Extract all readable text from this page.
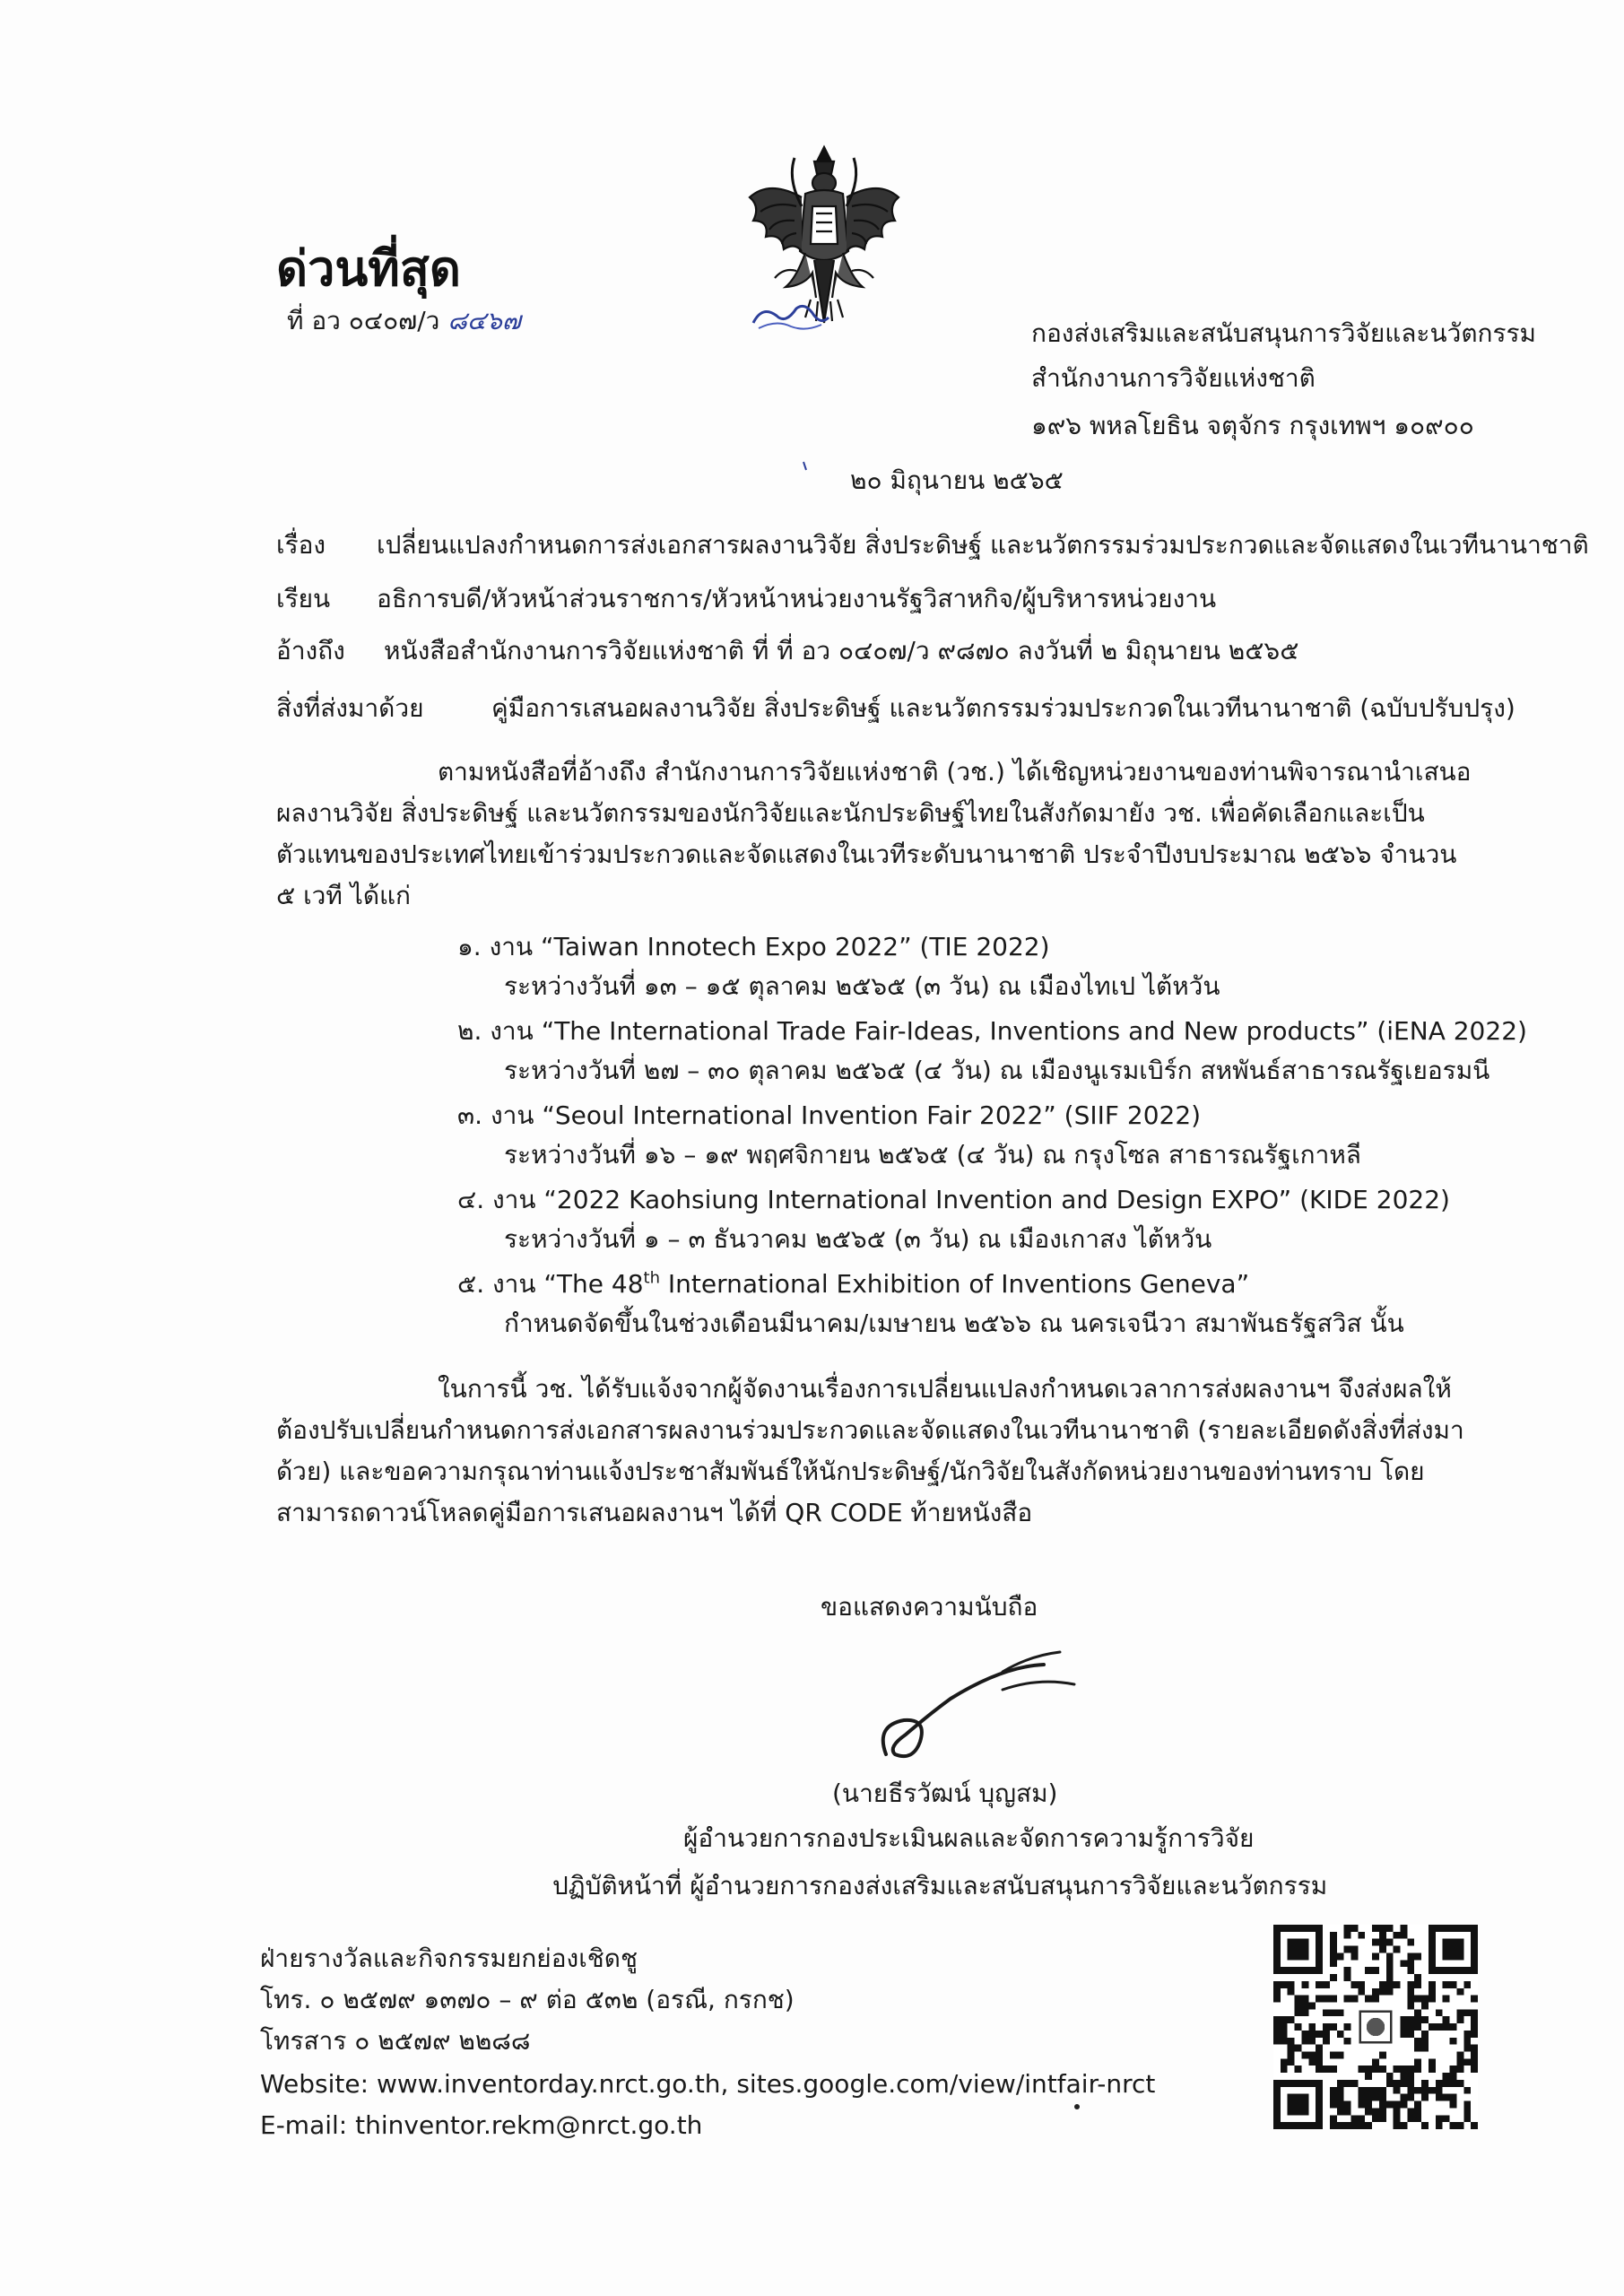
ด่วนที่สุด
ที่ อว ๐๔๐๗/ว ๘๔๖๗	กองส่งเสริมและสนับสนุนการวิจัยและนวัตกรรม
สำนักงานการวิจัยแห่งชาติ
๑๙๖ พหลโยธิน จตุจักร กรุงเทพฯ ๑๐๙๐๐
๒๐ มิถุนายน ๒๕๖๕
เรื่อง เปลี่ยนแปลงกำหนดการส่งเอกสารผลงานวิจัย สิ่งประดิษฐ์ และนวัตกรรมร่วมประกวดและจัดแสดงในเวทีนานาชาติ
เรียน อธิการบดี/หัวหน้าส่วนราชการ/หัวหน้าหน่วยงานรัฐวิสาหกิจ/ผู้บริหารหน่วยงาน
อ้างถึง หนังสือสำนักงานการวิจัยแห่งชาติ ที่ ที่ อว ๐๔๐๗/ว ๙๘๗๐ ลงวันที่ ๒ มิถุนายน ๒๕๖๕
สิ่งที่ส่งมาด้วย	คู่มือการเสนอผลงานวิจัย สิ่งประดิษฐ์ และนวัตกรรมร่วมประกวดในเวทีนานาชาติ (ฉบับปรับปรุง)
ตามหนังสือที่อ้างถึง สำนักงานการวิจัยแห่งชาติ (วช.) ได้เชิญหน่วยงานของท่านพิจารณานำเสนอผลงานวิจัย สิ่งประดิษฐ์ และนวัตกรรมของนักวิจัยและนักประดิษฐ์ไทยในสังกัดมายัง วช. เพื่อคัดเลือกและเป็นตัวแทนของประเทศไทยเข้าร่วมประกวดและจัดแสดงในเวทีระดับนานาชาติ ประจำปีงบประมาณ ๒๕๖๖ จำนวน ๕ เวที ได้แก่
๑. งาน “Taiwan Innotech Expo 2022” (TIE 2022)
ระหว่างวันที่ ๑๓ – ๑๕ ตุลาคม ๒๕๖๕ (๓ วัน) ณ เมืองไทเป ไต้หวัน
๒. งาน “The International Trade Fair-Ideas, Inventions and New products” (iENA 2022)
ระหว่างวันที่ ๒๗ – ๓๐ ตุลาคม ๒๕๖๕ (๔ วัน) ณ เมืองนูเรมเบิร์ก สหพันธ์สาธารณรัฐเยอรมนี
๓. งาน “Seoul International Invention Fair 2022” (SIIF 2022)
ระหว่างวันที่ ๑๖ – ๑๙ พฤศจิกายน ๒๕๖๕ (๔ วัน) ณ กรุงโซล สาธารณรัฐเกาหลี
๔. งาน “2022 Kaohsiung International Invention and Design EXPO” (KIDE 2022)
ระหว่างวันที่ ๑ – ๓ ธันวาคม ๒๕๖๕ (๓ วัน) ณ เมืองเกาสง ไต้หวัน
๕. งาน “The 48th International Exhibition of Inventions Geneva”
กำหนดจัดขึ้นในช่วงเดือนมีนาคม/เมษายน ๒๕๖๖ ณ นครเจนีวา สมาพันธรัฐสวิส นั้น
ในการนี้ วช. ได้รับแจ้งจากผู้จัดงานเรื่องการเปลี่ยนแปลงกำหนดเวลาการส่งผลงานฯ จึงส่งผลให้ต้องปรับเปลี่ยนกำหนดการส่งเอกสารผลงานร่วมประกวดและจัดแสดงในเวทีนานาชาติ (รายละเอียดดังสิ่งที่ส่งมาด้วย) และขอความกรุณาท่านแจ้งประชาสัมพันธ์ให้นักประดิษฐ์/นักวิจัยในสังกัดหน่วยงานของท่านทราบ โดยสามารถดาวน์โหลดคู่มือการเสนอผลงานฯ ได้ที่ QR CODE ท้ายหนังสือ
ขอแสดงความนับถือ
(นายธีรวัฒน์ บุญสม)
ผู้อำนวยการกองประเมินผลและจัดการความรู้การวิจัย
ปฏิบัติหน้าที่ ผู้อำนวยการกองส่งเสริมและสนับสนุนการวิจัยและนวัตกรรม
ฝ่ายรางวัลและกิจกรรมยกย่องเชิดชู
โทร. ๐ ๒๕๗๙ ๑๓๗๐ – ๙ ต่อ ๕๓๒ (อรณี, กรกช)
โทรสาร ๐ ๒๕๗๙ ๒๒๘๘
Website: www.inventorday.nrct.go.th, sites.google.com/view/intfair-nrct
E-mail: thinventor.rekm@nrct.go.th
